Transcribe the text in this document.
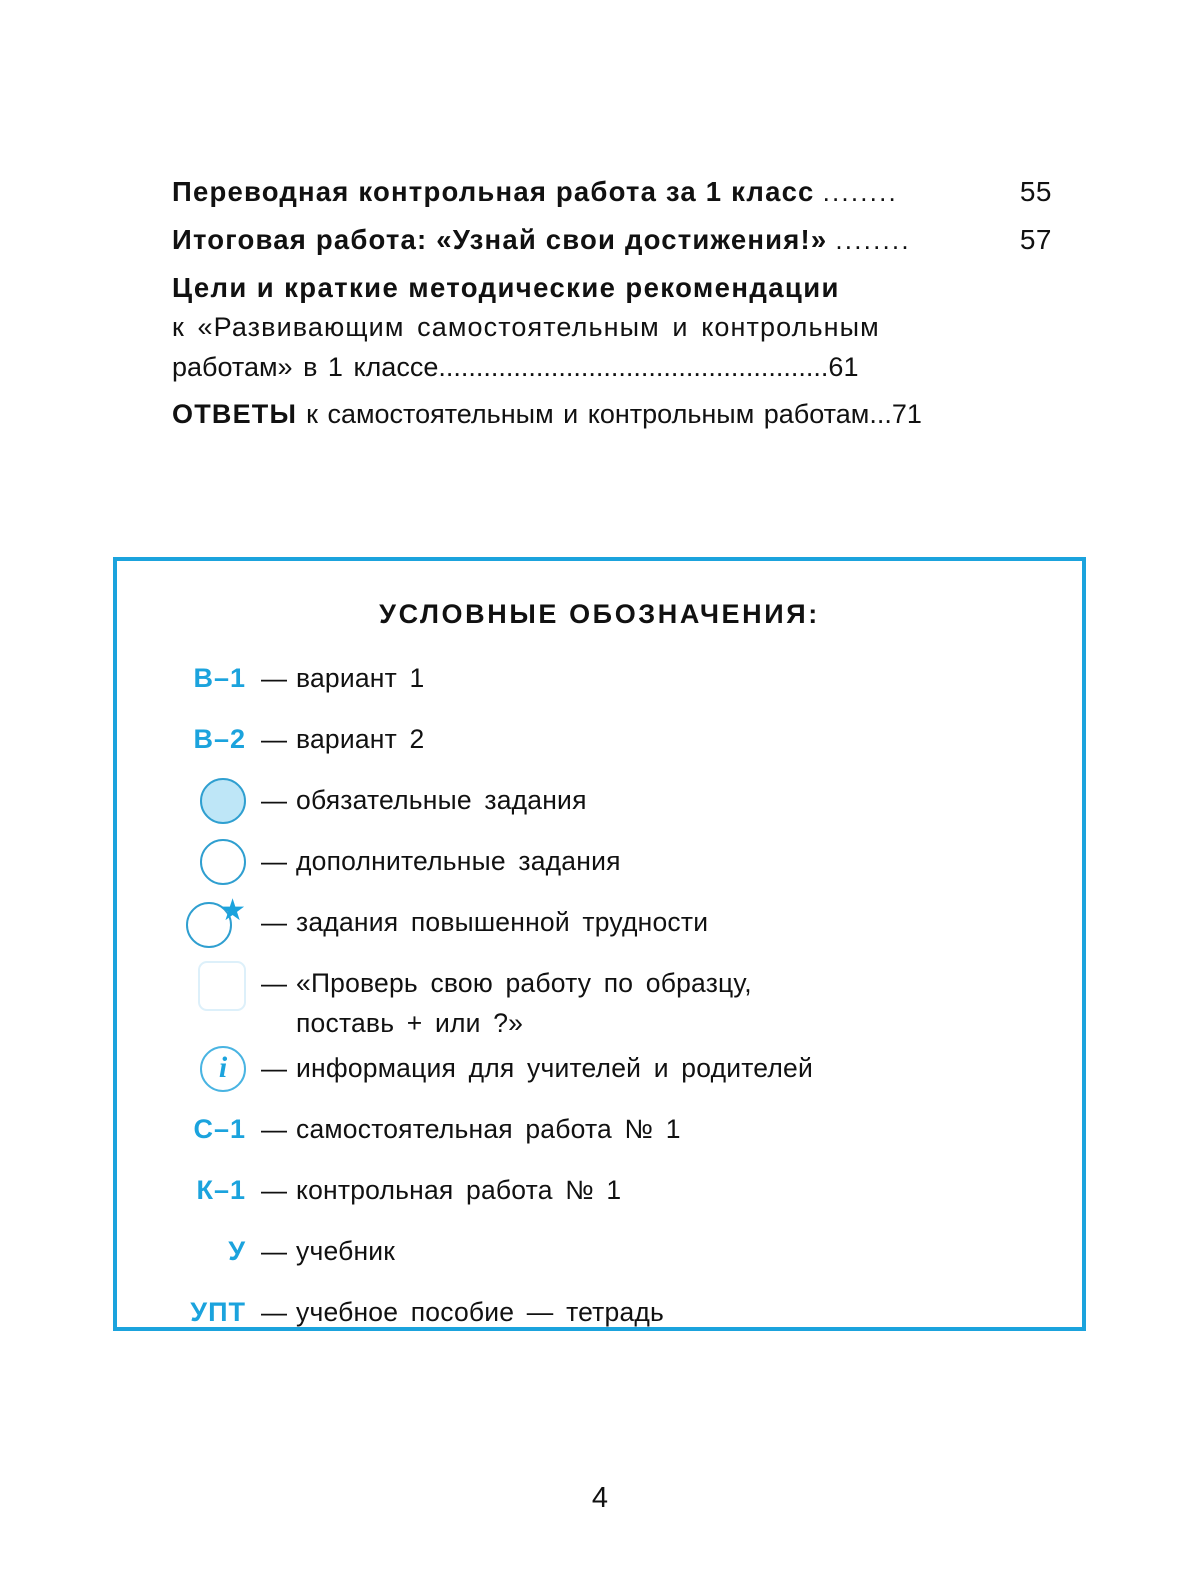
Переводная контрольная работа за 1 класс ........	55
Итоговая работа: «Узнай свои достижения!» ........	57
Цели и краткие методические рекомендации
к «Развивающим самостоятельным и контрольным
работам» в 1 классе .................................................... 61
ОТВЕТЫ к самостоятельным и контрольным работам ... 71
УСЛОВНЫЕ ОБОЗНАЧЕНИЯ:
В–1 — вариант 1
В–2 — вариант 2
— обязательные задания
— дополнительные задания
★ — задания повышенной трудности
— «Проверь свою работу по образцу,
поставь + или ?»
i	— информация для учителей и родителей
С–1 — самостоятельная работа № 1
К–1 — контрольная работа № 1
У — учебник
УПТ — учебное пособие — тетрадь
4
